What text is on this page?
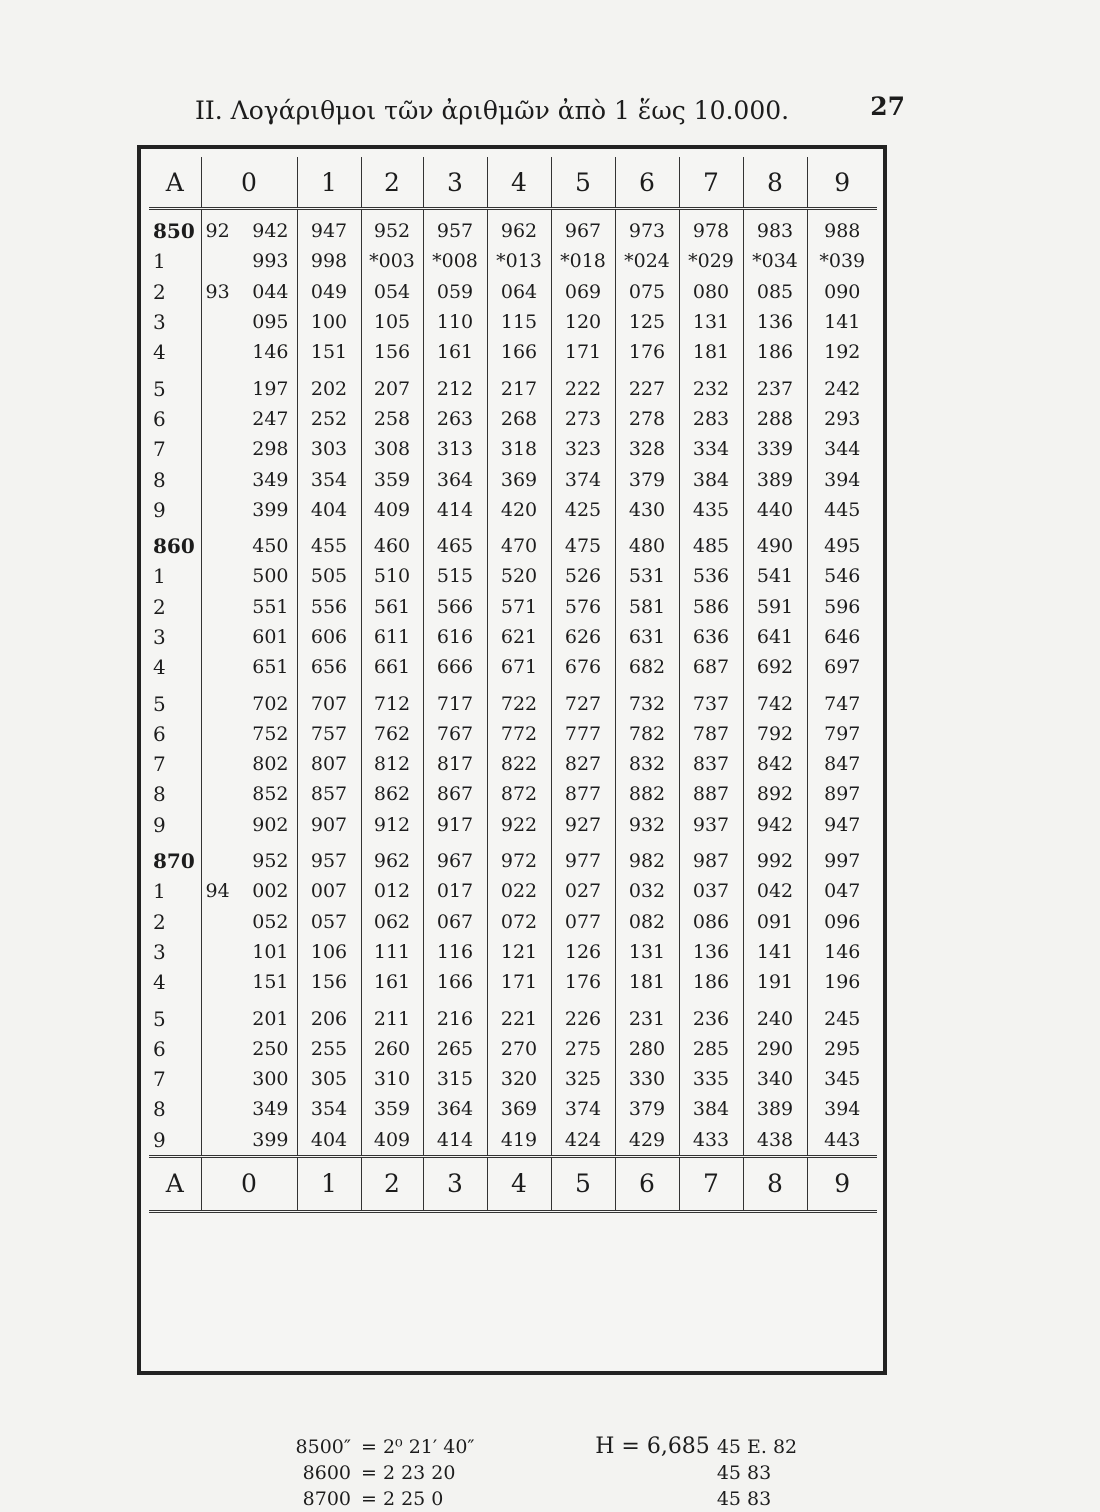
II. Λογάριθμοι τῶν ἀριθμῶν ἀπὸ 1 ἕως 10.000.	27
A	0	1	2	3	4	5	6	7	8	9
850	92 942	947	952	957	962	967	973	978	983	988
1	993	998	*003	*008	*013	*018	*024	*029	*034	*039
2	93 044	049	054	059	064	069	075	080	085	090
3	095	100	105	110	115	120	125	131	136	141
4	146	151	156	161	166	171	176	181	186	192
5	197	202	207	212	217	222	227	232	237	242
6	247	252	258	263	268	273	278	283	288	293
7	298	303	308	313	318	323	328	334	339	344
8	349	354	359	364	369	374	379	384	389	394
9	399	404	409	414	420	425	430	435	440	445
860	450	455	460	465	470	475	480	485	490	495
1	500	505	510	515	520	526	531	536	541	546
2	551	556	561	566	571	576	581	586	591	596
3	601	606	611	616	621	626	631	636	641	646
4	651	656	661	666	671	676	682	687	692	697
5	702	707	712	717	722	727	732	737	742	747
6	752	757	762	767	772	777	782	787	792	797
7	802	807	812	817	822	827	832	837	842	847
8	852	857	862	867	872	877	882	887	892	897
9	902	907	912	917	922	927	932	937	942	947
870	952	957	962	967	972	977	982	987	992	997
1	94 002	007	012	017	022	027	032	037	042	047
2	052	057	062	067	072	077	082	086	091	096
3	101	106	111	116	121	126	131	136	141	146
4	151	156	161	166	171	176	181	186	191	196
5	201	206	211	216	221	226	231	236	240	245
6	250	255	260	265	270	275	280	285	290	295
7	300	305	310	315	320	325	330	335	340	345
8	349	354	359	364	369	374	379	384	389	394
9	399	404	409	414	419	424	429	433	438	443
A	0	1	2	3	4	5	6	7	8	9
8500″ = 2⁰ 21′ 40″	H = 6,685 45 E. 82
8600 = 2 23 20	45 83
8700 = 2 25 0	45 83
